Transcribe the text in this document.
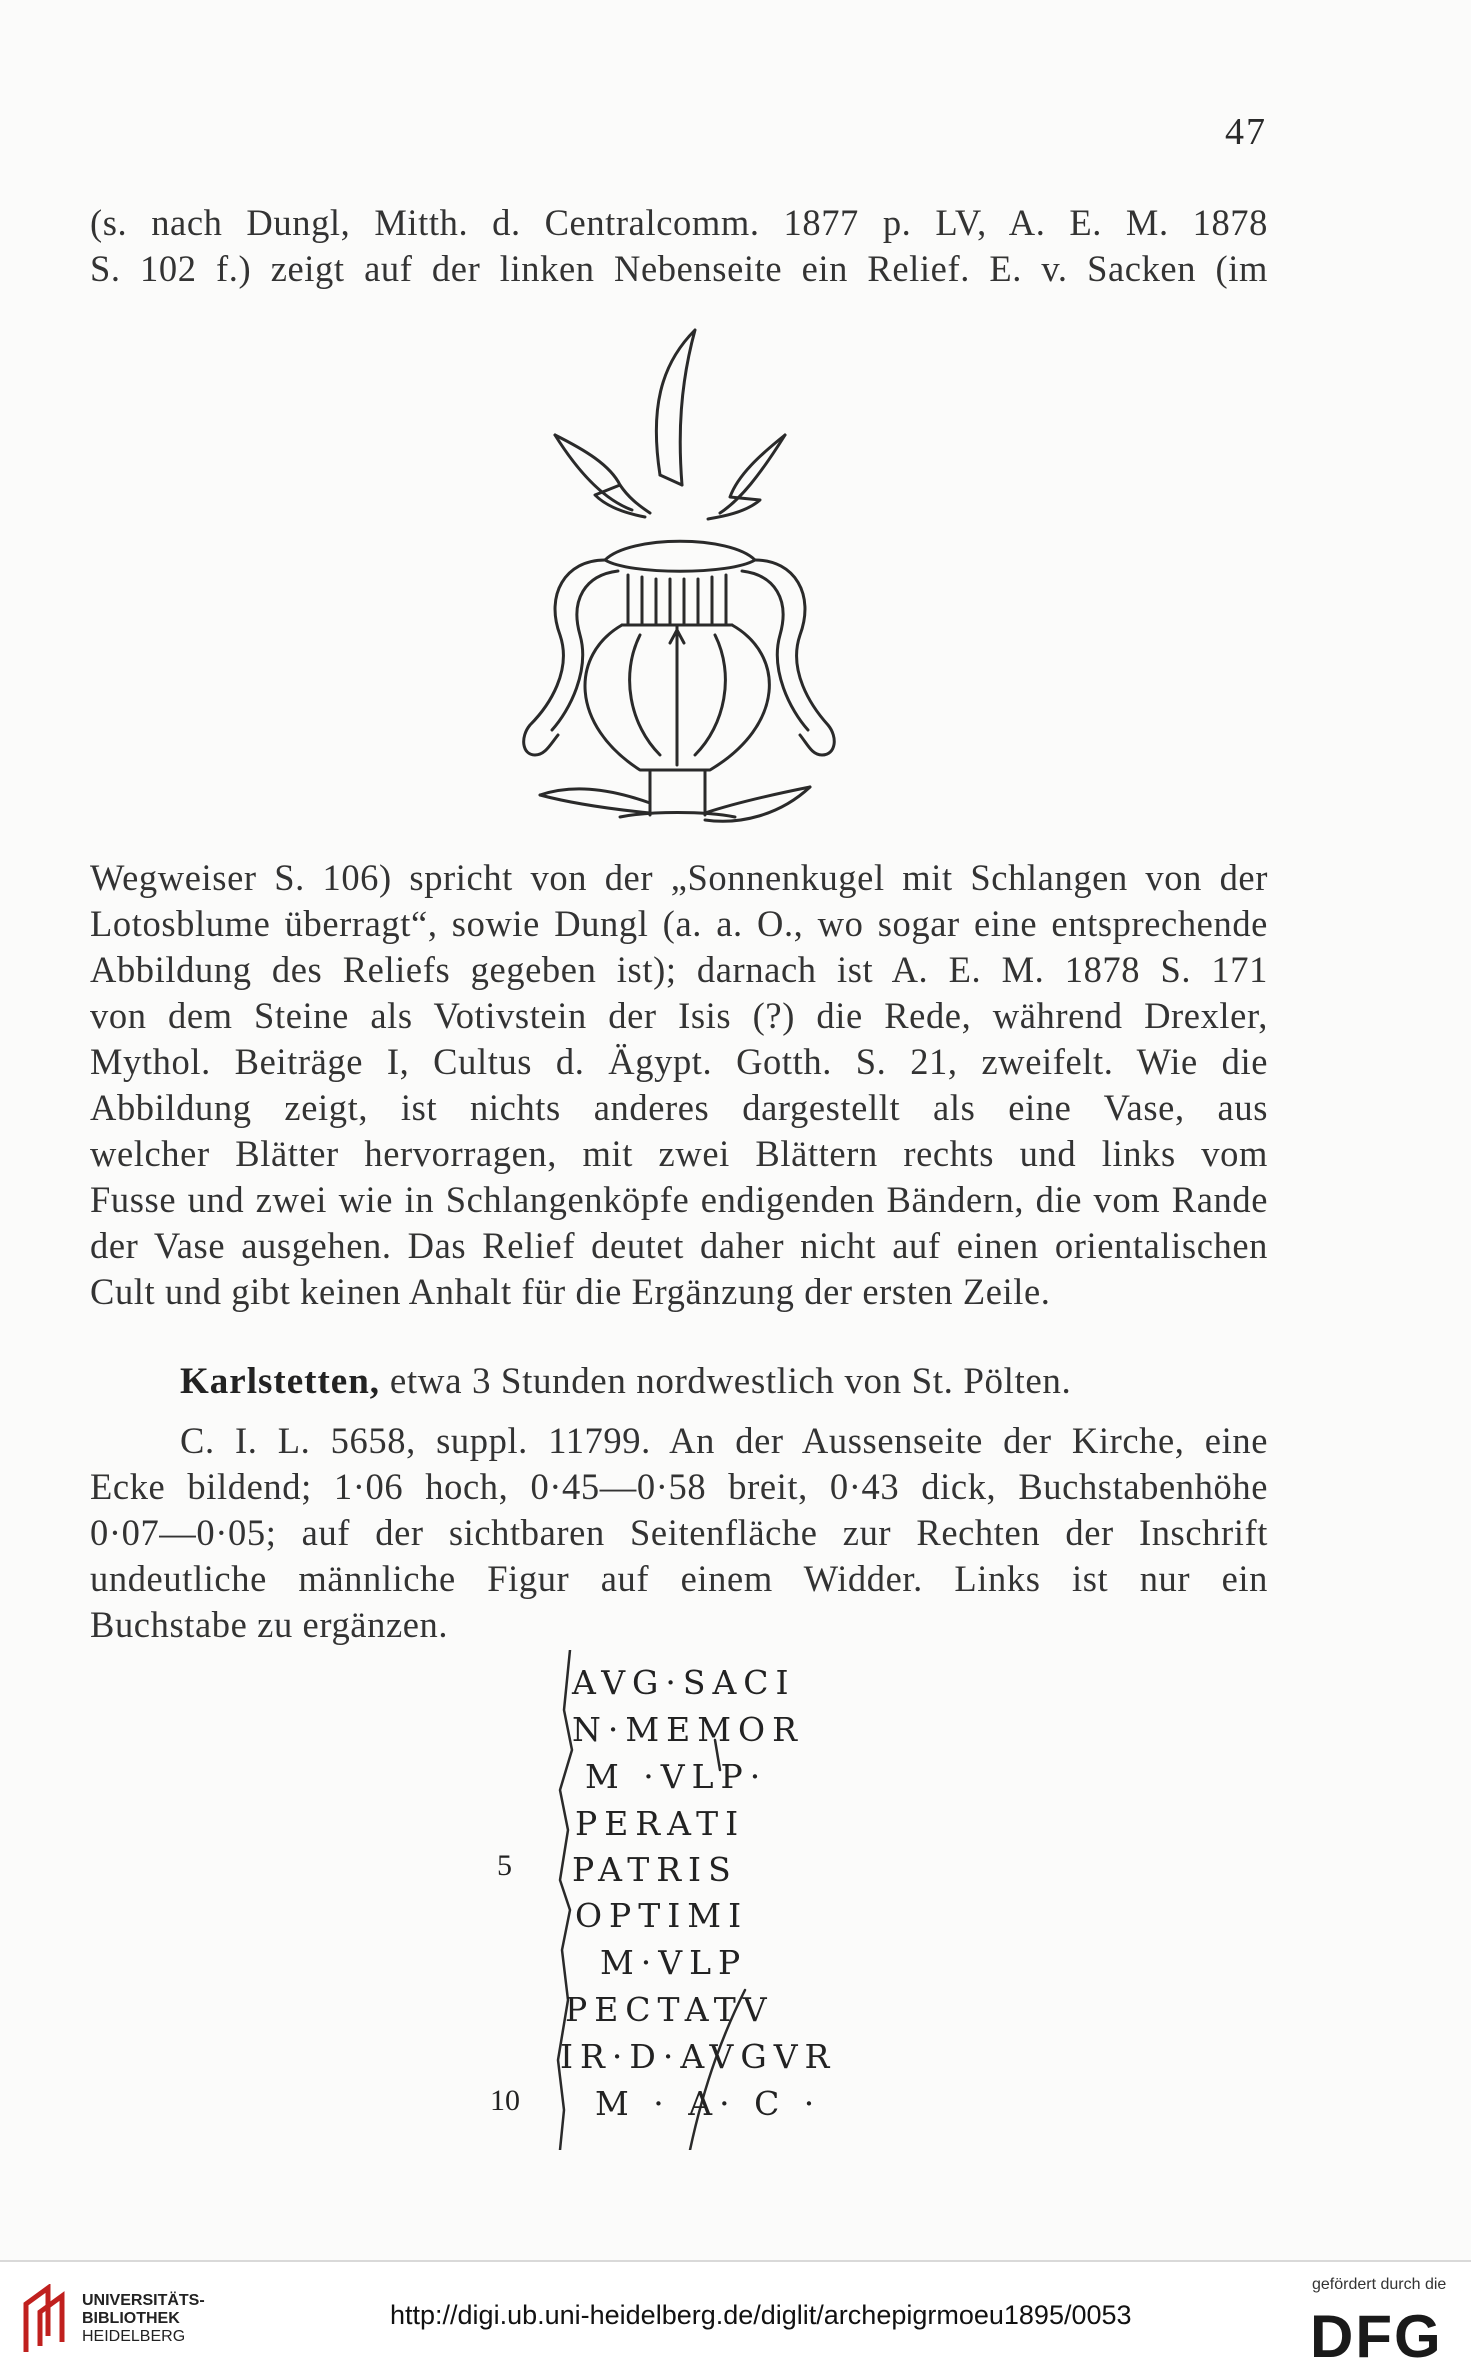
47
(s. nach Dungl, Mitth. d. Centralcomm. 1877 p. LV, A. E. M. 1878
S. 102 f.) zeigt auf der linken Nebenseite ein Relief. E. v. Sacken (im
Wegweiser S. 106) spricht von der „Sonnenkugel mit Schlangen von der
Lotosblume überragt“, sowie Dungl (a. a. O., wo sogar eine entsprechende
Abbildung des Reliefs gegeben ist); darnach ist A. E. M. 1878 S. 171
von dem Steine als Votivstein der Isis (?) die Rede, während Drexler,
Mythol. Beiträge I, Cultus d. Ägypt. Gotth. S. 21, zweifelt. Wie die
Abbildung zeigt, ist nichts anderes dargestellt als eine Vase, aus
welcher Blätter hervorragen, mit zwei Blättern rechts und links vom
Fusse und zwei wie in Schlangenköpfe endigenden Bändern, die vom Rande
der Vase ausgehen. Das Relief deutet daher nicht auf einen orientalischen
Cult und gibt keinen Anhalt für die Ergänzung der ersten Zeile.
Karlstetten, etwa 3 Stunden nordwestlich von St. Pölten.
C. I. L. 5658, suppl. 11799. An der Aussenseite der Kirche, eine
Ecke bildend; 1·06 hoch, 0·45—0·58 breit, 0·43 dick, Buchstabenhöhe
0·07—0·05; auf der sichtbaren Seitenfläche zur Rechten der Inschrift
undeutliche männliche Figur auf einem Widder. Links ist nur ein
Buchstabe zu ergänzen.
AVG·SACI
N·MEMOR
M ·VLP·
PERATI
5 PATRIS
OPTIMI
M·VLP
PECTATV
IR·D·AVGVR
10 M · A· C ·
UNIVERSITÄTS-
BIBLIOTHEK
HEIDELBERG
http://digi.ub.uni-heidelberg.de/diglit/archepigrmoeu1895/0053
gefördert durch die
DFG
